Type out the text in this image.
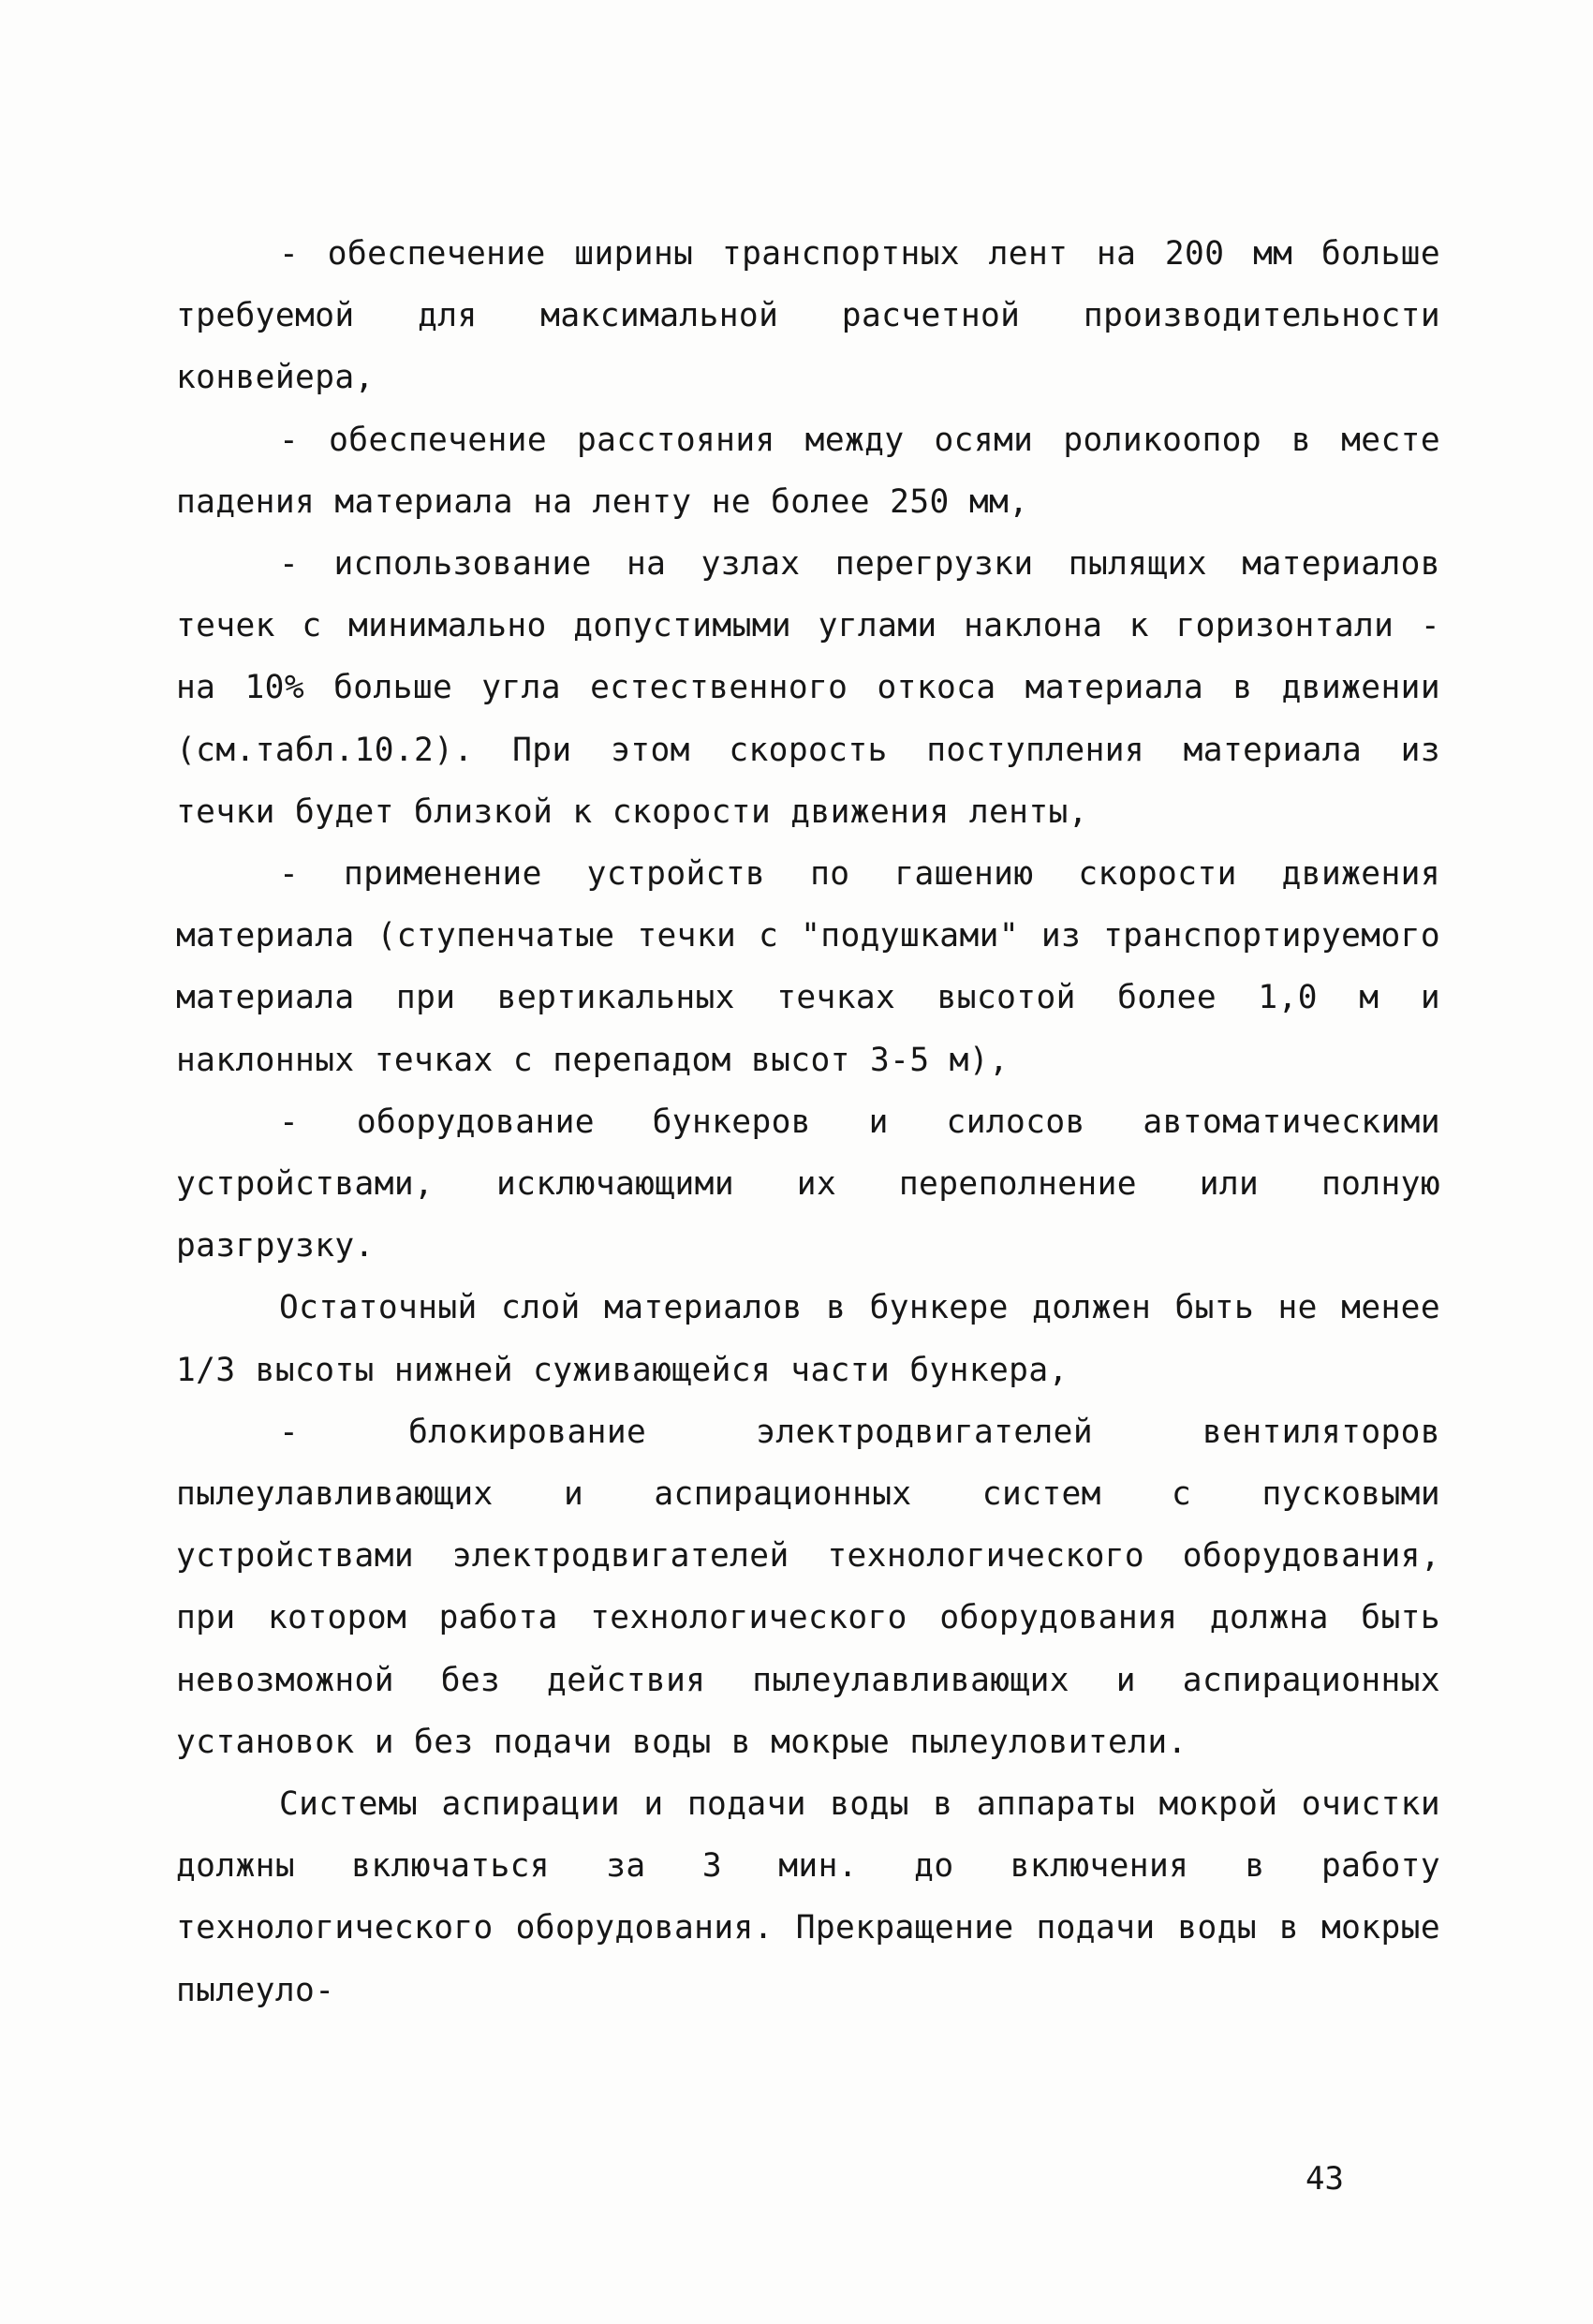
- обеспечение ширины транспортных лент на 200 мм больше требуемой для максимальной расчетной производительности конвейера,

- обеспечение расстояния между осями роликоопор в месте падения материала на ленту не более 250 мм,

- использование на узлах перегрузки пылящих материалов течек с минимально допустимыми углами наклона к горизонтали - на 10% больше угла естественного откоса материала в движении (см.табл.10.2). При этом скорость поступления материала из течки будет близкой к скорости движения ленты,

- применение устройств по гашению скорости движения материала (ступенчатые течки с "подушками" из транспортируемого материала при вертикальных течках высотой более 1,0 м и наклонных течках с перепадом высот 3-5 м),

- оборудование бункеров и силосов автоматическими устройствами, исключающими их переполнение или полную разгрузку.

Остаточный слой материалов в бункере должен быть не менее 1/3 высоты нижней суживающейся части бункера,

- блокирование электродвигателей вентиляторов пылеулавливающих и аспирационных систем с пусковыми устройствами электродвигателей технологического оборудования, при котором работа технологического оборудования должна быть невозможной без действия пылеулавливающих и аспирационных установок и без подачи воды в мокрые пылеуловители.

Системы аспирации и подачи воды в аппараты мокрой очистки должны включаться за 3 мин. до включения в работу технологического оборудования. Прекращение подачи воды в мокрые пылеуло-

43
